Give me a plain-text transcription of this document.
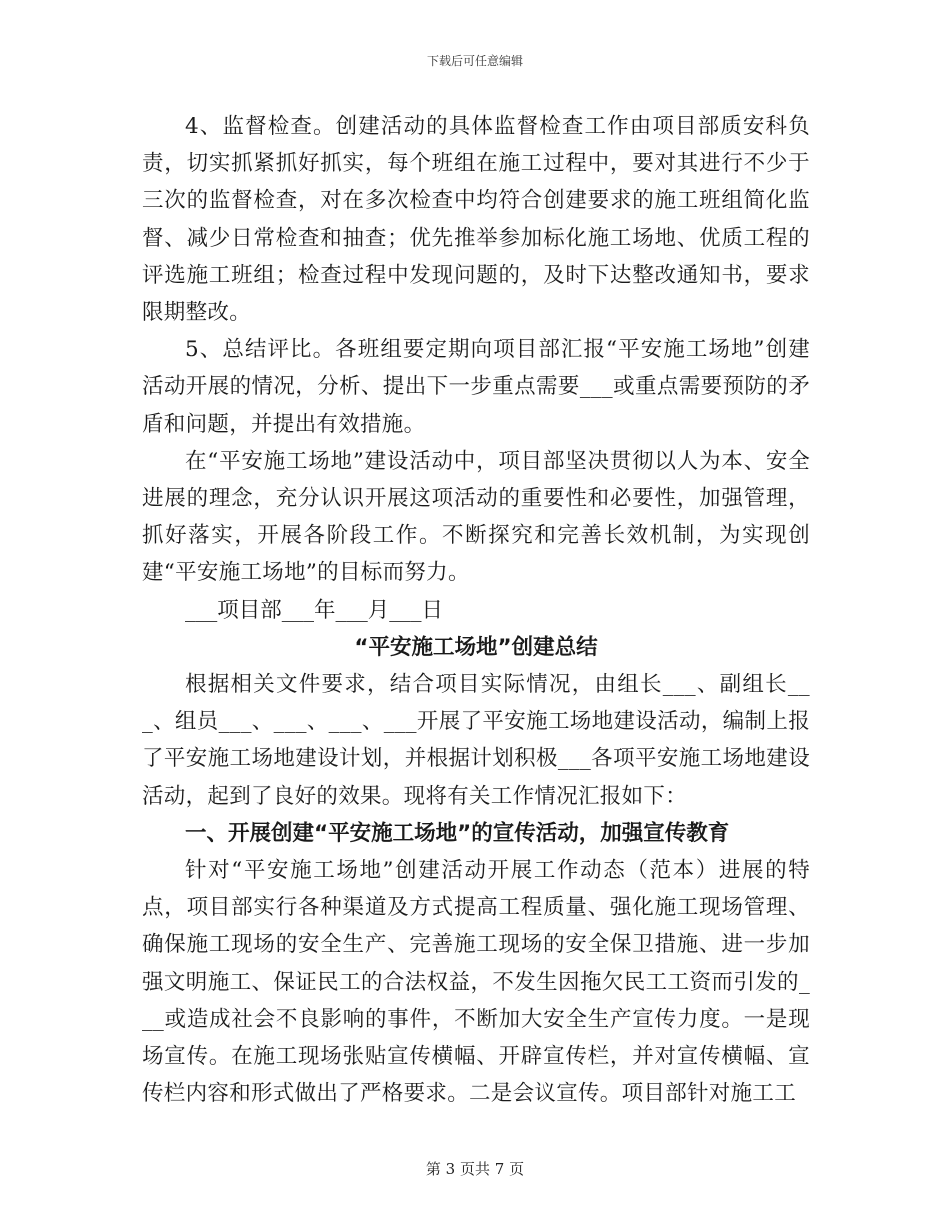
下载后可任意编辑

4、监督检查。创建活动的具体监督检查工作由项目部质安科负责，切实抓紧抓好抓实，每个班组在施工过程中，要对其进行不少于三次的监督检查，对在多次检查中均符合创建要求的施工班组简化监督、减少日常检查和抽查；优先推举参加标化施工场地、优质工程的评选施工班组；检查过程中发现问题的，及时下达整改通知书，要求限期整改。

5、总结评比。各班组要定期向项目部汇报“平安施工场地”创建活动开展的情况，分析、提出下一步重点需要___或重点需要预防的矛盾和问题，并提出有效措施。

在“平安施工场地”建设活动中，项目部坚决贯彻以人为本、安全进展的理念，充分认识开展这项活动的重要性和必要性，加强管理，抓好落实，开展各阶段工作。不断探究和完善长效机制，为实现创建“平安施工场地”的目标而努力。

___项目部___年___月___日

“平安施工场地”创建总结

根据相关文件要求，结合项目实际情况，由组长___、副组长___、组员___、___、___、___开展了平安施工场地建设活动，编制上报了平安施工场地建设计划，并根据计划积极___各项平安施工场地建设活动，起到了良好的效果。现将有关工作情况汇报如下：

一、开展创建“平安施工场地”的宣传活动，加强宣传教育

针对“平安施工场地”创建活动开展工作动态（范本）进展的特点，项目部实行各种渠道及方式提高工程质量、强化施工现场管理、确保施工现场的安全生产、完善施工现场的安全保卫措施、进一步加强文明施工、保证民工的合法权益，不发生因拖欠民工工资而引发的___或造成社会不良影响的事件，不断加大安全生产宣传力度。一是现场宣传。在施工现场张贴宣传横幅、开辟宣传栏，并对宣传横幅、宣传栏内容和形式做出了严格要求。二是会议宣传。项目部针对施工工

第 3 页共 7 页
